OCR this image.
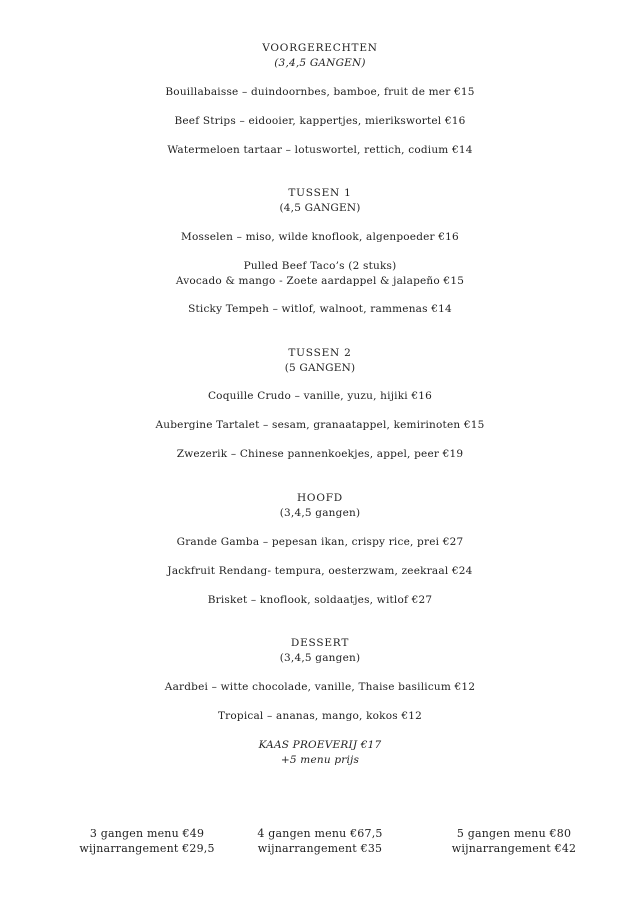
VOORGERECHTEN

(3,4,5 GANGEN)

Bouillabaisse – duindoornbes, bamboe, fruit de mer €15

Beef Strips – eidooier, kappertjes, mierikswortel €16

Watermeloen tartaar – lotuswortel, rettich, codium €14

TUSSEN 1

(4,5 GANGEN)

Mosselen – miso, wilde knoflook, algenpoeder €16

Pulled Beef Taco’s (2 stuks)

Avocado & mango - Zoete aardappel & jalapeño €15

Sticky Tempeh – witlof, walnoot, rammenas €14

TUSSEN 2

(5 GANGEN)

Coquille Crudo – vanille, yuzu, hijiki €16

Aubergine Tartalet – sesam, granaatappel, kemirinoten €15

Zwezerik – Chinese pannenkoekjes, appel, peer €19

HOOFD

(3,4,5 gangen)

Grande Gamba – pepesan ikan, crispy rice, prei €27

Jackfruit Rendang- tempura, oesterzwam, zeekraal €24

Brisket – knoflook, soldaatjes, witlof €27

DESSERT

(3,4,5 gangen)

Aardbei – witte chocolade, vanille, Thaise basilicum €12

Tropical – ananas, mango, kokos €12

KAAS PROEVERIJ €17

+5 menu prijs

3 gangen menu €49
wijnarrangement €29,5
4 gangen menu €67,5
wijnarrangement €35
5 gangen menu €80
wijnarrangement €42
